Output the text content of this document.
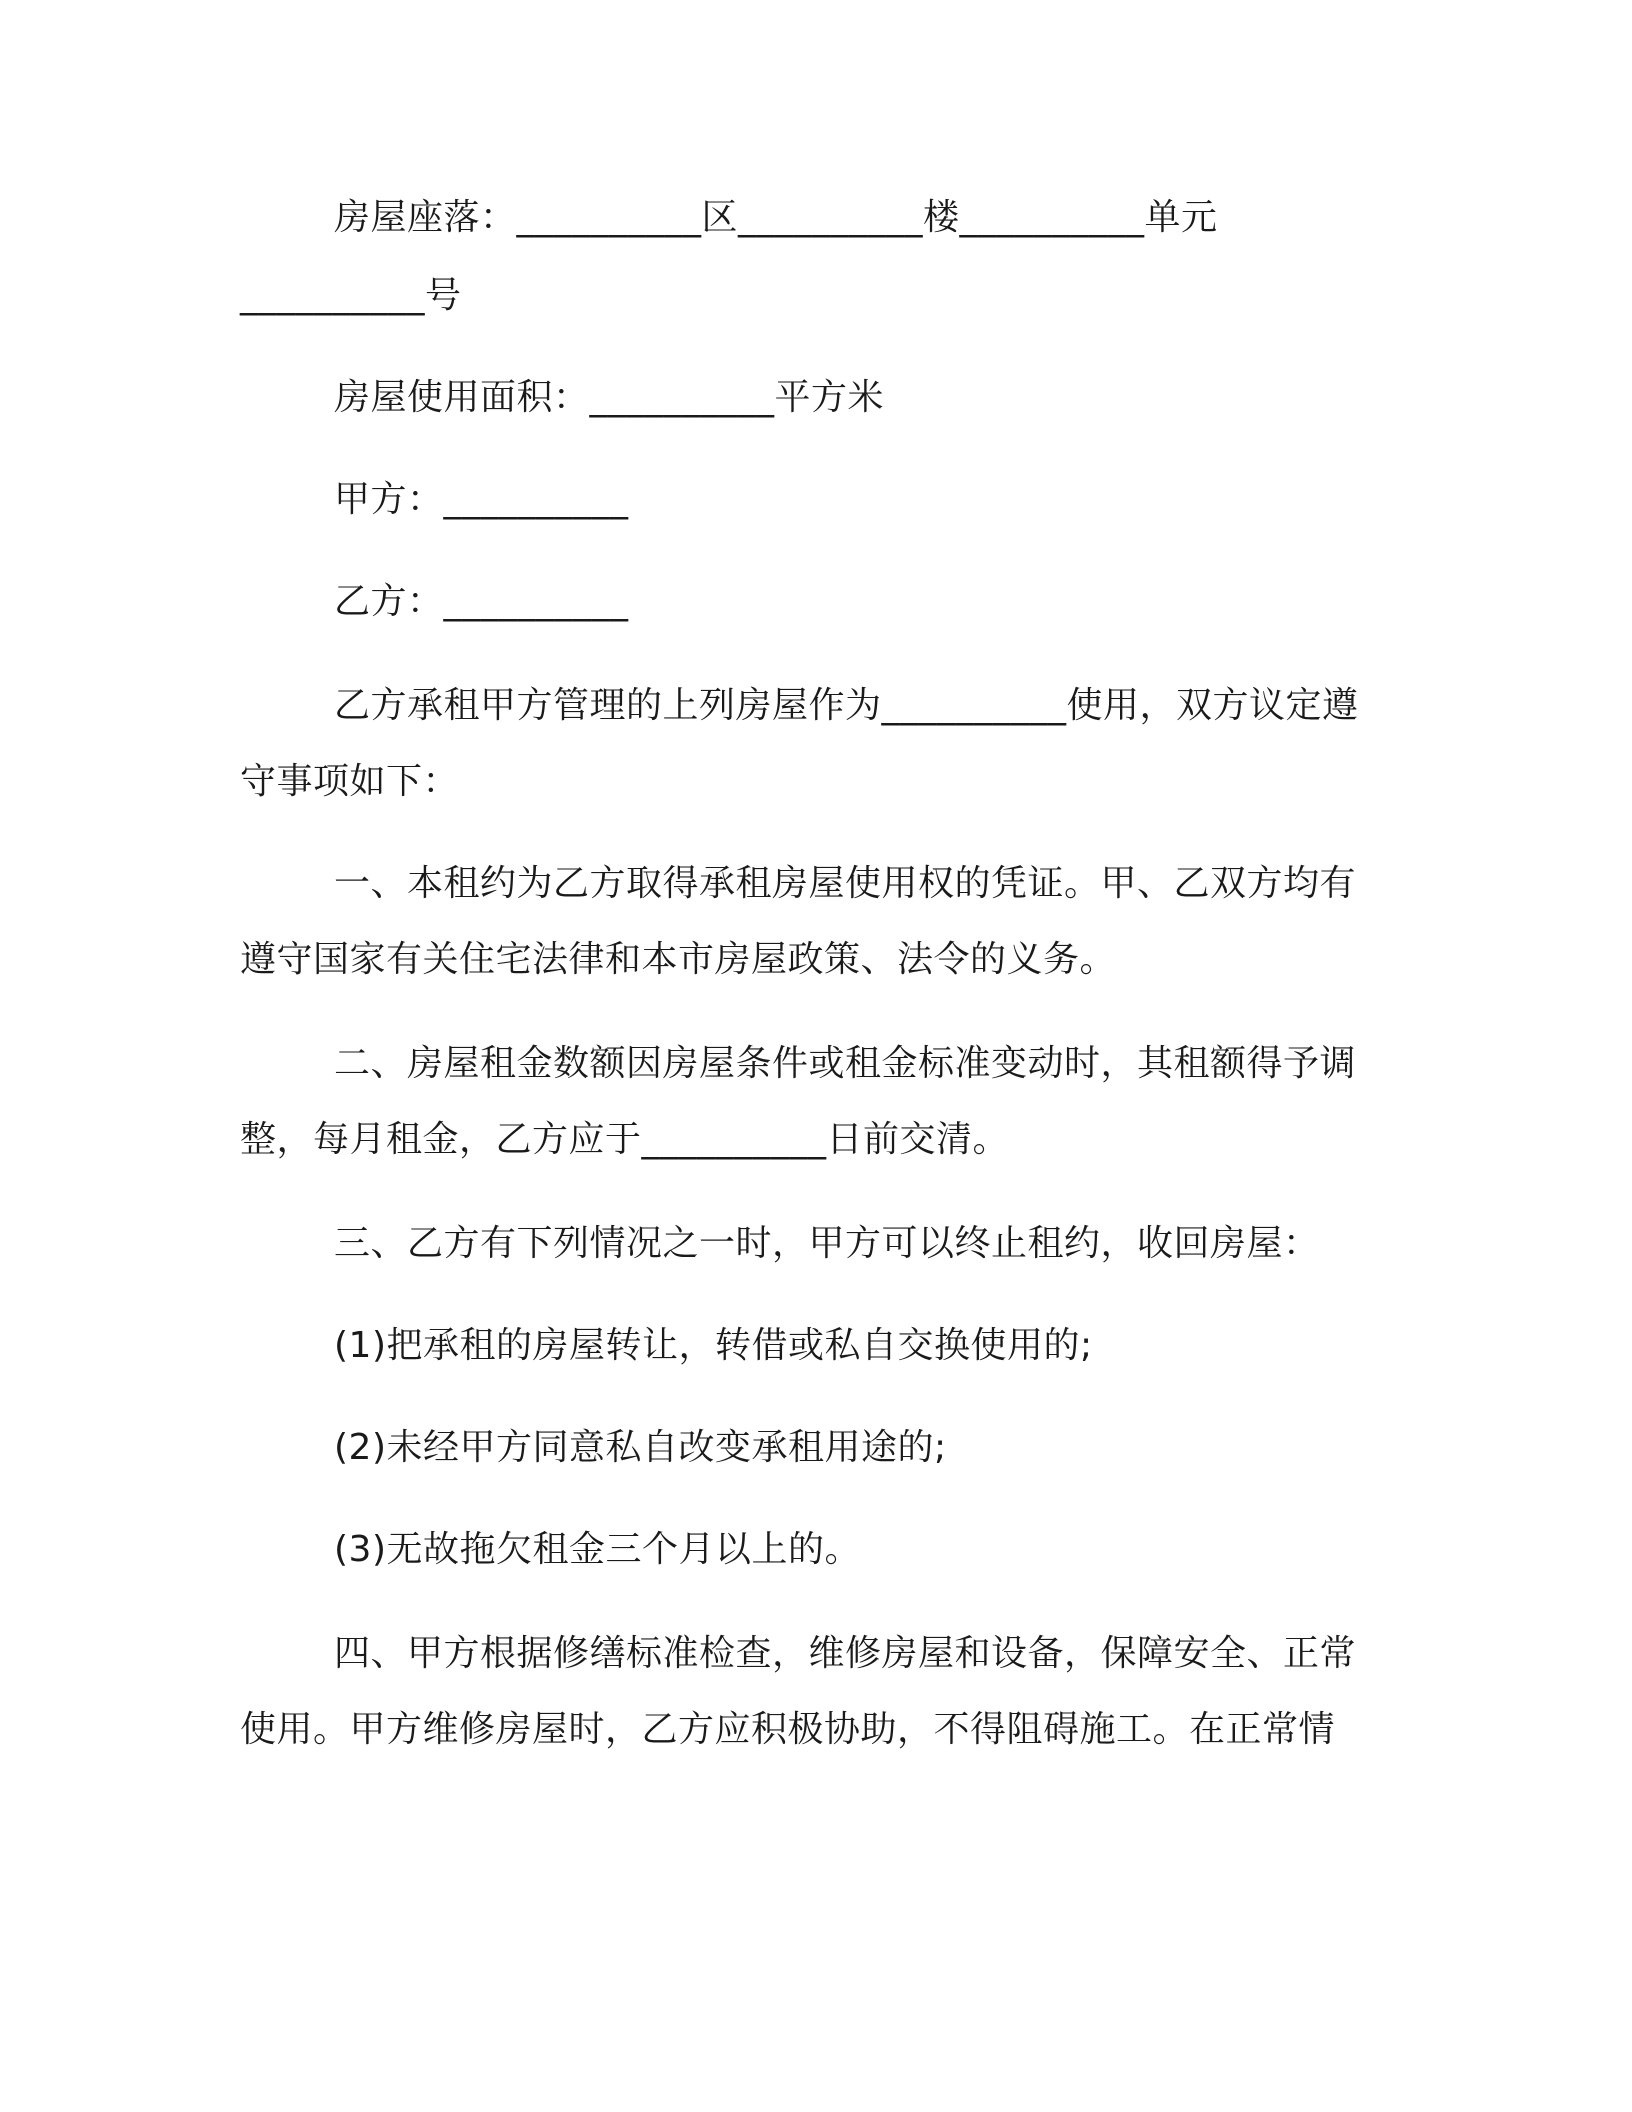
房屋座落：__________区__________楼__________单元
__________号
房屋使用面积：__________平方米
甲方：__________
乙方：__________
乙方承租甲方管理的上列房屋作为__________使用，双方议定遵
守事项如下：
一、本租约为乙方取得承租房屋使用权的凭证。甲、乙双方均有
遵守国家有关住宅法律和本市房屋政策、法令的义务。
二、房屋租金数额因房屋条件或租金标准变动时，其租额得予调
整，每月租金，乙方应于__________日前交清。
三、乙方有下列情况之一时，甲方可以终止租约，收回房屋：
(1)把承租的房屋转让，转借或私自交换使用的;
(2)未经甲方同意私自改变承租用途的;
(3)无故拖欠租金三个月以上的。
四、甲方根据修缮标准检查，维修房屋和设备，保障安全、正常
使用。甲方维修房屋时，乙方应积极协助，不得阻碍施工。在正常情
